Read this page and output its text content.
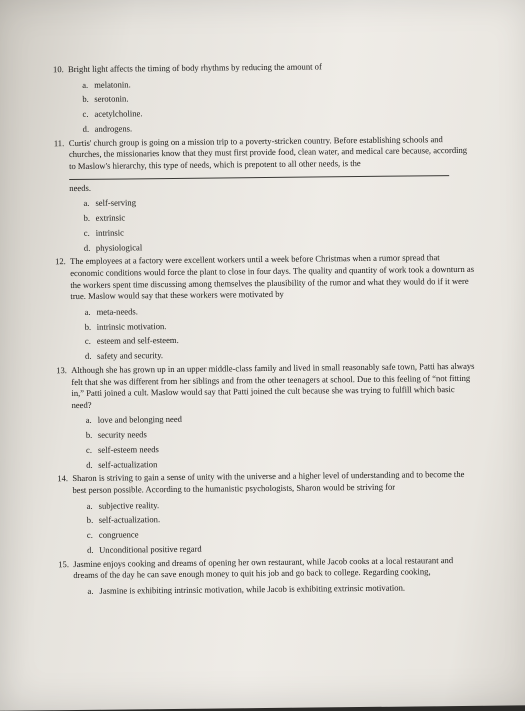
10. Bright light affects the timing of body rhythms by reducing the amount of
a. melatonin.
b. serotonin.
c. acetylcholine.
d. androgens.
11. Curtis' church group is going on a mission trip to a poverty-stricken country. Before establishing schools and churches, the missionaries know that they must first provide food, clean water, and medical care because, according to Maslow's hierarchy, this type of needs, which is prepotent to all other needs, is the
needs.
a. self-serving
b. extrinsic
c. intrinsic
d. physiological
12. The employees at a factory were excellent workers until a week before Christmas when a rumor spread that economic conditions would force the plant to close in four days. The quality and quantity of work took a downturn as the workers spent time discussing among themselves the plausibility of the rumor and what they would do if it were true. Maslow would say that these workers were motivated by
a. meta-needs.
b. intrinsic motivation.
c. esteem and self-esteem.
d. safety and security.
13. Although she has grown up in an upper middle-class family and lived in small reasonably safe town, Patti has always felt that she was different from her siblings and from the other teenagers at school. Due to this feeling of “not fitting in,” Patti joined a cult. Maslow would say that Patti joined the cult because she was trying to fulfill which basic need?
a. love and belonging need
b. security needs
c. self-esteem needs
d. self-actualization
14. Sharon is striving to gain a sense of unity with the universe and a higher level of understanding and to become the best person possible. According to the humanistic psychologists, Sharon would be striving for
a. subjective reality.
b. self-actualization.
c. congruence
d. Unconditional positive regard
15. Jasmine enjoys cooking and dreams of opening her own restaurant, while Jacob cooks at a local restaurant and dreams of the day he can save enough money to quit his job and go back to college. Regarding cooking,
a. Jasmine is exhibiting intrinsic motivation, while Jacob is exhibiting extrinsic motivation.
